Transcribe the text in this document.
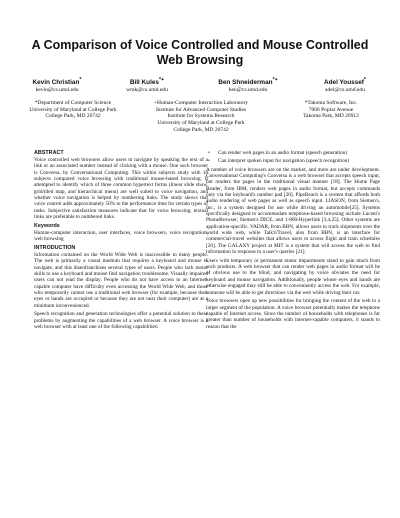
A Comparison of Voice Controlled and Mouse Controlled Web Browsing
Kevin Christian*
kevin@cs.umd.edu
Bill Kules*+
wmk@cs.umd.edu
Ben Shneiderman*+
ben@cs.umd.edu
Adel Youssef*
adel@cs.umd.edu
*Department of Computer Science
University of Maryland at College Park
College Park, MD 20742
+Human-Computer Interaction Laboratory
Institute for Advanced Computer Studies
Institute for Systems Research
University of Maryland at College Park
College Park, MD 20742
*Takoma Software, Inc.
7006 Poplar Avenue
Takoma Park, MD 20912
ABSTRACT
Voice controlled web browsers allow users to navigate by speaking the text of a link or an associated number instead of clicking with a mouse. One such browser is Conversa, by Conversational Computing. This within subjects study with 18 subjects compared voice browsing with traditional mouse-based browsing. It attempted to identify which of three common hypertext forms (linear slide show, grid/tiled map, and hierarchical menu) are well suited to voice navigation, and whether voice navigation is helped by numbering links. The study shows that voice control adds approximately 50% to the performance time for certain types of tasks. Subjective satisfaction measures indicate that for voice browsing, textual links are preferable to numbered links.
Keywords
Human-computer interaction, user interfaces, voice browsers, voice recognition, web browsing
INTRODUCTION
Information contained on the World Wide Web is inaccessible to many people. The web is primarily a visual medium that requires a keyboard and mouse to navigate, and this disenfranchises several types of users. People who lack motor skills to use a keyboard and mouse find navigation troublesome. Visually impaired users can not read the display. People who do not have access to an Internet-capable computer have difficulty even accessing the World Wide Web, and those who temporarily cannot use a traditional web browser (for example, because their eyes or hands are occupied or because they are not near their computer) are at a minimum inconvenienced.
Speech recognition and generation technologies offer a potential solution to these problems by augmenting the capabilities of a web browser. A voice browser is a web browser with at least one of the following capabilities:
• Can render web pages in an audio format (speech generation)
• Can interpret spoken input for navigation (speech recognition)
A number of voice browsers are on the market, and more are under development. Conversational Computing's Conversa is a web browser that accepts speech input, but renders the pages in the traditional visual manner [18]. The Home Page Reader, from IBM, renders web pages in audio format, but accepts commands only via the keyboard's number pad [20]. PipeBeach is a system that affords both audio rendering of web pages as well as speech input. LIASON, from Siemen's, Inc., is a system designed for use while driving an automobile[25]. Systems specifically designed to accommodate telephone-based browsing include Lucent's PhoneBrowser, Siemen's DICE, and 1-800-Hyperlink [3,4,25]. Other systems are application-specific. VADAR, from BBN, allows users to track shipments over the world wide web, while Talk'n'Travel, also from BBN, is an interface for commercial-travel websites that allows users to access flight and train schedules [20]. The GALAXY project at MIT is a system that will access the web to find information in response to a user's queries [21].
Users with temporary or permanent motor impairments stand to gain much from such products. A web browser that can render web pages in audio format will be of obvious use to the blind, and navigating by voice obviates the need for keyboard and mouse navigation. Additionally, people whose eyes and hands are otherwise engaged may still be able to conveniently access the web. For example, someone will be able to get directions via the web while driving their car.
Voice browsers open up new possibilities for bringing the content of the web to a larger segment of the population. A voice browser potentially makes the telephone capable of Internet access. Since the number of households with telephones is far greater than number of households with internet-capable computers, it stands to reason that the
